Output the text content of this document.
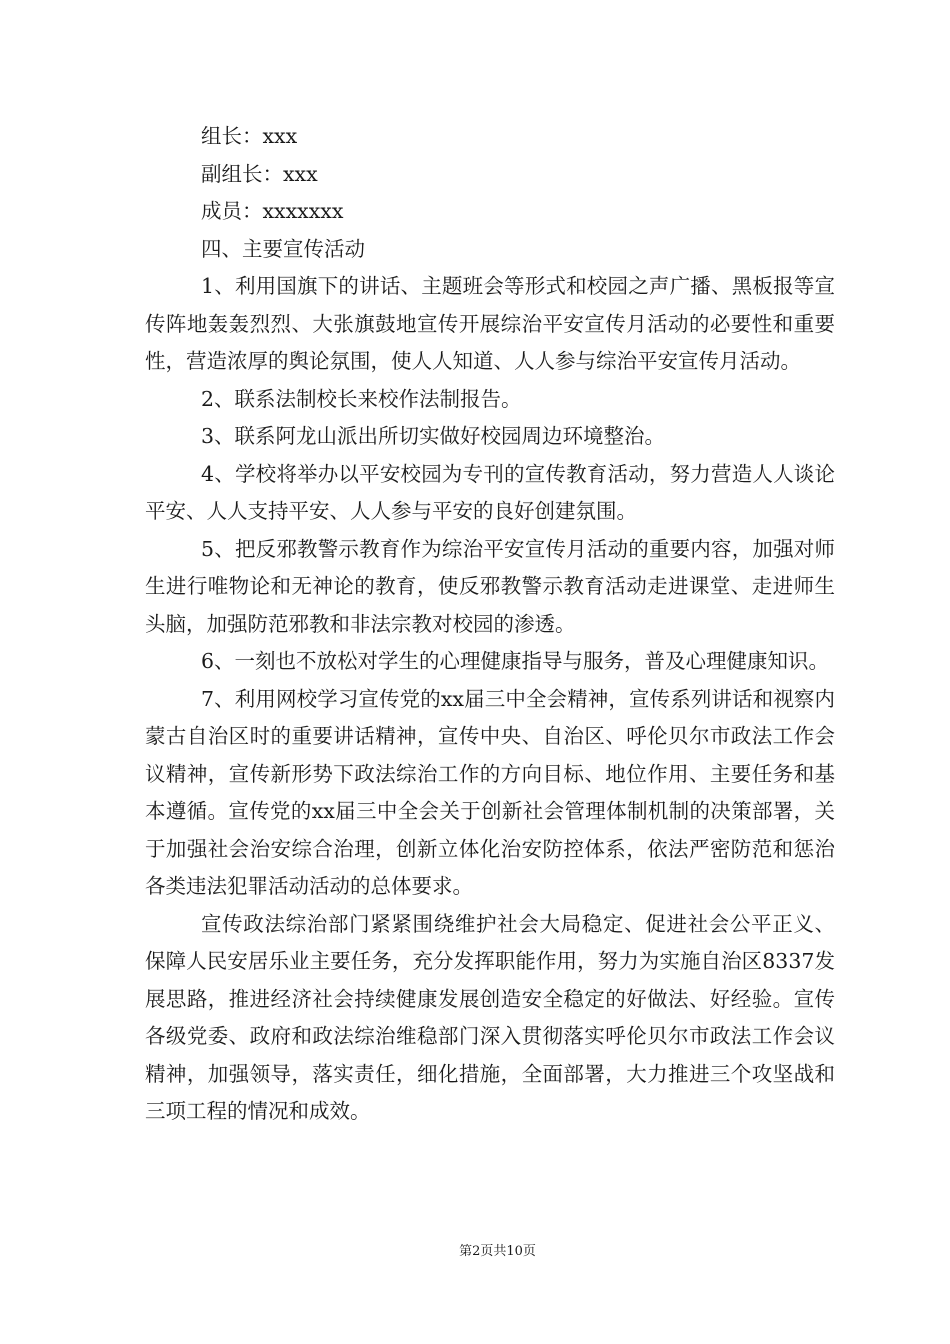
组长：xxx

副组长：xxx

成员：xxxxxxx

四、主要宣传活动

1、利用国旗下的讲话、主题班会等形式和校园之声广播、黑板报等宣传阵地轰轰烈烈、大张旗鼓地宣传开展综治平安宣传月活动的必要性和重要性，营造浓厚的舆论氛围，使人人知道、人人参与综治平安宣传月活动。

2、联系法制校长来校作法制报告。

3、联系阿龙山派出所切实做好校园周边环境整治。

4、学校将举办以平安校园为专刊的宣传教育活动，努力营造人人谈论平安、人人支持平安、人人参与平安的良好创建氛围。

5、把反邪教警示教育作为综治平安宣传月活动的重要内容，加强对师生进行唯物论和无神论的教育，使反邪教警示教育活动走进课堂、走进师生头脑，加强防范邪教和非法宗教对校园的渗透。

6、一刻也不放松对学生的心理健康指导与服务，普及心理健康知识。

7、利用网校学习宣传党的xx届三中全会精神，宣传系列讲话和视察内蒙古自治区时的重要讲话精神，宣传中央、自治区、呼伦贝尔市政法工作会议精神，宣传新形势下政法综治工作的方向目标、地位作用、主要任务和基本遵循。宣传党的xx届三中全会关于创新社会管理体制机制的决策部署，关于加强社会治安综合治理，创新立体化治安防控体系，依法严密防范和惩治各类违法犯罪活动活动的总体要求。

宣传政法综治部门紧紧围绕维护社会大局稳定、促进社会公平正义、保障人民安居乐业主要任务，充分发挥职能作用，努力为实施自治区8337发展思路，推进经济社会持续健康发展创造安全稳定的好做法、好经验。宣传各级党委、政府和政法综治维稳部门深入贯彻落实呼伦贝尔市政法工作会议精神，加强领导，落实责任，细化措施，全面部署，大力推进三个攻坚战和三项工程的情况和成效。

第2页共10页
